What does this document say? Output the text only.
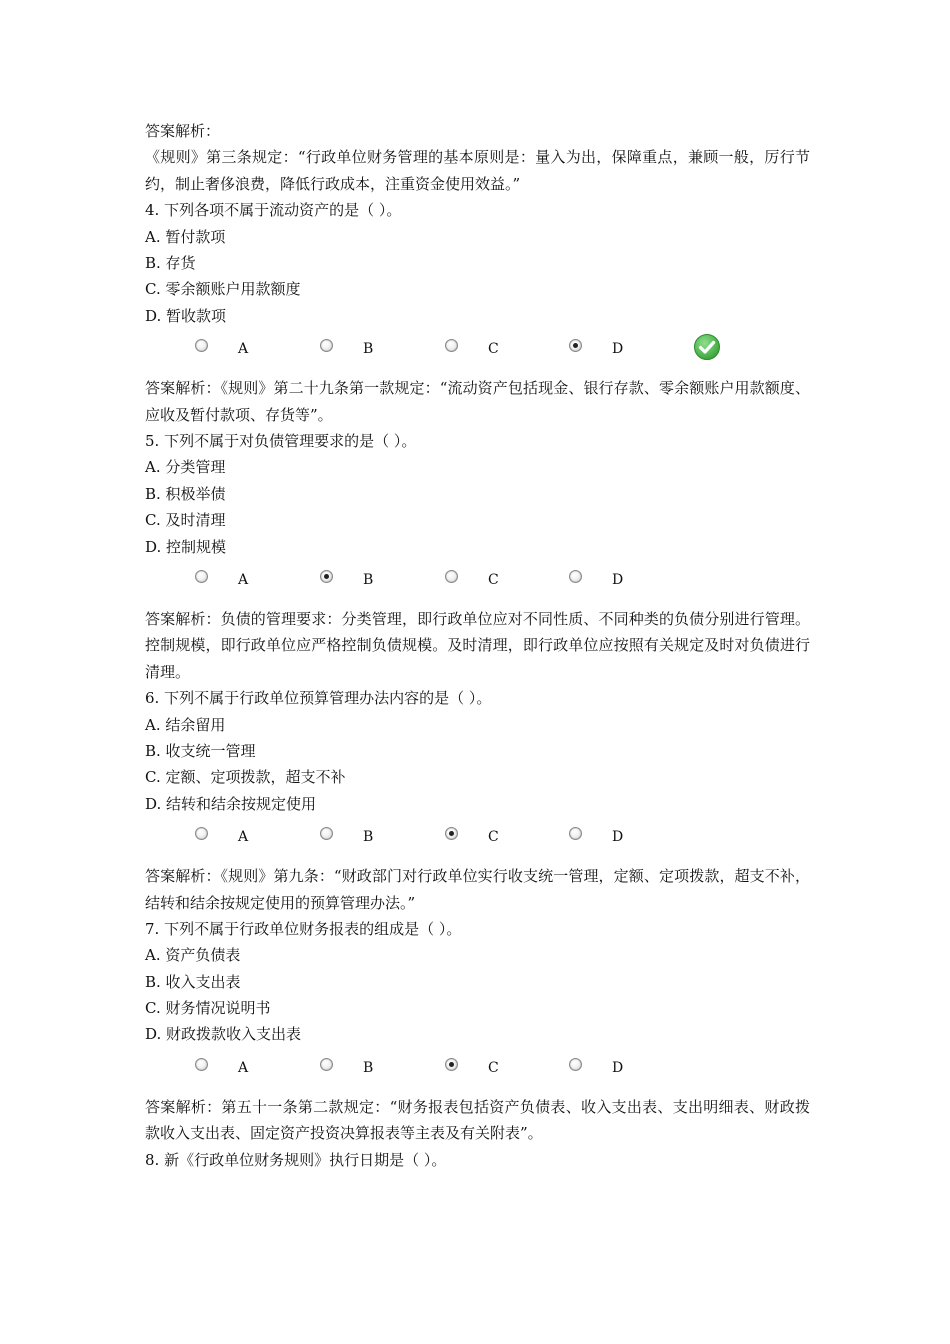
答案解析：
《规则》第三条规定：“行政单位财务管理的基本原则是：量入为出，保障重点，兼顾一般，厉行节约，制止奢侈浪费，降低行政成本，注重资金使用效益。”
4. 下列各项不属于流动资产的是（ ）。
A. 暂付款项
B. 存货
C. 零余额账户用款额度
D. 暂收款项
A	B	C	D
答案解析：《规则》第二十九条第一款规定：“流动资产包括现金、银行存款、零余额账户用款额度、应收及暂付款项、存货等”。
5. 下列不属于对负债管理要求的是（ ）。
A. 分类管理
B. 积极举债
C. 及时清理
D. 控制规模
A	B	C	D
答案解析：负债的管理要求：分类管理，即行政单位应对不同性质、不同种类的负债分别进行管理。控制规模，即行政单位应严格控制负债规模。及时清理，即行政单位应按照有关规定及时对负债进行清理。
6. 下列不属于行政单位预算管理办法内容的是（ ）。
A. 结余留用
B. 收支统一管理
C. 定额、定项拨款，超支不补
D. 结转和结余按规定使用
A	B	C	D
答案解析：《规则》第九条：“财政部门对行政单位实行收支统一管理，定额、定项拨款，超支不补，结转和结余按规定使用的预算管理办法。”
7. 下列不属于行政单位财务报表的组成是（ ）。
A. 资产负债表
B. 收入支出表
C. 财务情况说明书
D. 财政拨款收入支出表
A	B	C	D
答案解析：第五十一条第二款规定：“财务报表包括资产负债表、收入支出表、支出明细表、财政拨款收入支出表、固定资产投资决算报表等主表及有关附表”。
8. 新《行政单位财务规则》执行日期是（ ）。
